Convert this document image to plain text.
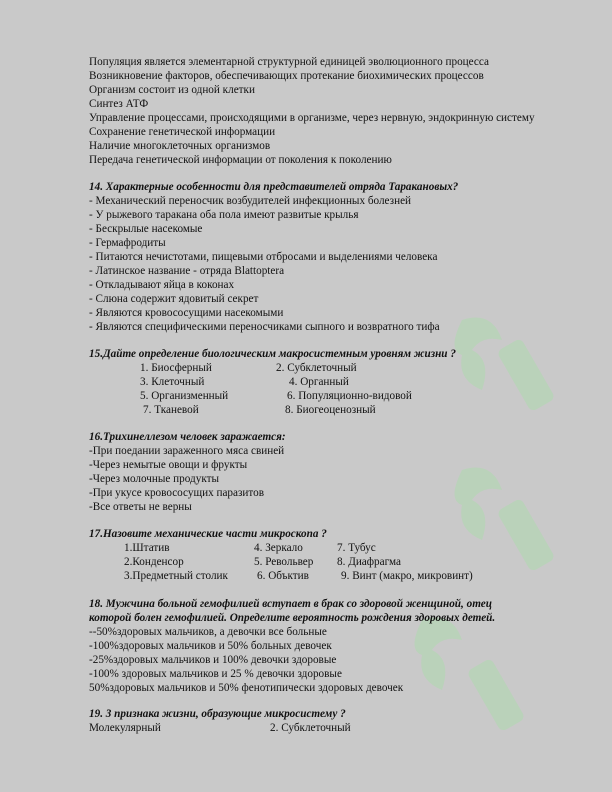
Популяция является элементарной структурной единицей эволюционного процесса
Возникновение факторов, обеспечивающих протекание биохимических процессов
Организм состоит из одной клетки
Синтез АТФ
Управление процессами, происходящими в организме, через нервную, эндокринную систему
Сохранение генетической информации
Наличие многоклеточных организмов
Передача генетической информации от поколения к поколению
14. Характерные особенности для представителей отряда Таракановых?
- Механический переносчик возбудителей инфекционных болезней
- У рыжевого таракана оба пола имеют развитые крылья
- Бескрылые насекомые
- Гермафродиты
- Питаются нечистотами, пищевыми отбросами и выделениями человека
- Латинское название - отряда Blattoptera
- Откладывают яйца в коконах
- Слюна содержит ядовитый секрет
- Являются кровососущими насекомыми
- Являются специфическими переносчиками сыпного и возвратного тифа
15.Дайте определение биологическим макросистемным уровням жизни ?
1. Биосферный	2. Субклеточный
3. Клеточный	4. Органный
5. Организменный	6. Популяционно-видовой
7. Тканевой	8. Биогеоценозный
16.Трихинеллезом человек заражается:
-При поедании зараженного мяса свиней
-Через немытые овощи и фрукты
-Через молочные продукты
-При укусе кровососущих паразитов
-Все ответы не верны
17.Назовите механические части микроскопа ?
1.Штатив	4. Зеркало	7. Тубус
2.Конденсор	5. Револьвер 8. Диафрагма
3.Предметный столик	6. Объктив	9. Винт (макро, микровинт)
18. Мужчина больной гемофилией вступает в брак со здоровой женщиной, отец
которой болен гемофилией. Определите вероятность рождения здоровых детей.
--50%здоровых мальчиков, а девочки все больные
-100%здоровых мальчиков и 50% больных девочек
-25%здоровых мальчиков и 100% девочки здоровые
-100% здоровых мальчиков и 25 % девочки здоровые
50%здоровых мальчиков и 50% фенотипически здоровых девочек
19. 3 признака жизни, образующие микросистему ?
Молекулярный	2. Субклеточный
